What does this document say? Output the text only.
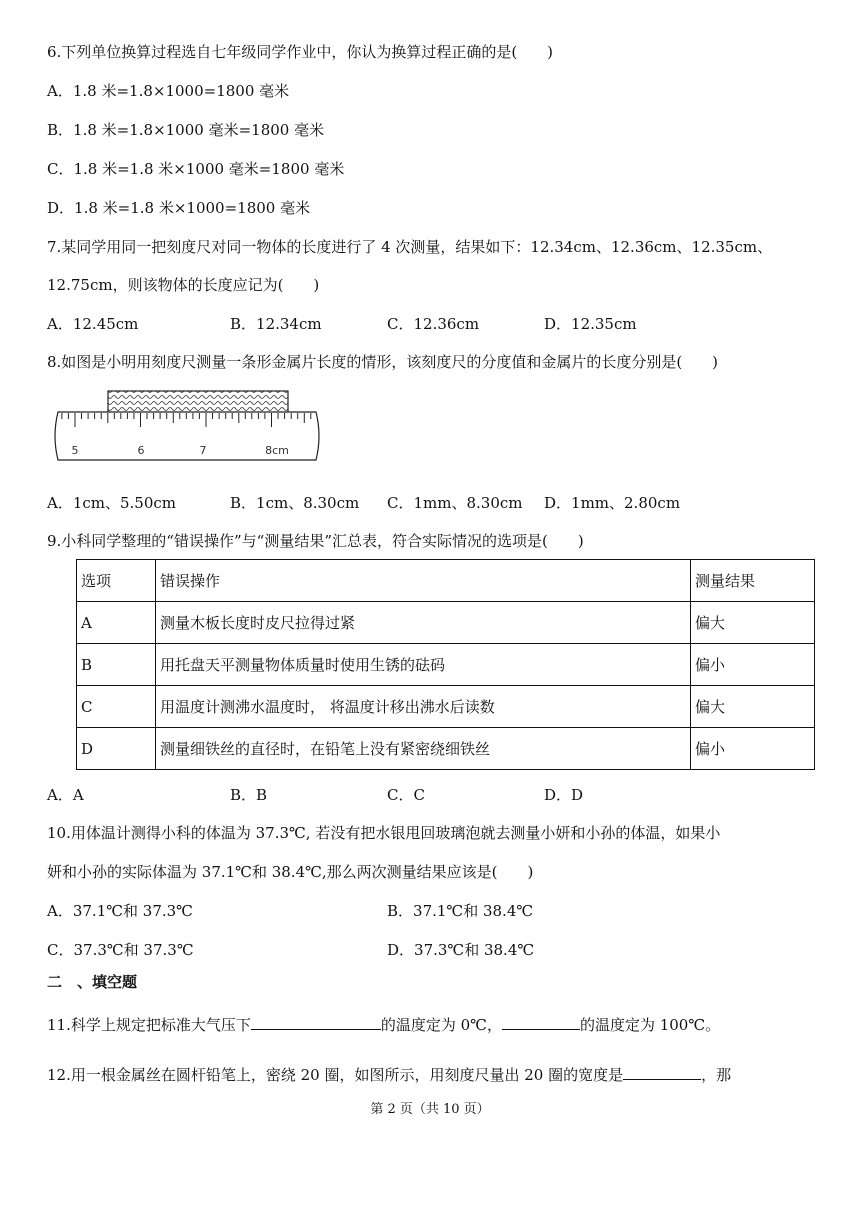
6.下列单位换算过程选自七年级同学作业中，你认为换算过程正确的是(　　)
A．1.8 米=1.8×1000=1800 毫米
B．1.8 米=1.8×1000 毫米=1800 毫米
C．1.8 米=1.8 米×1000 毫米=1800 毫米
D．1.8 米=1.8 米×1000=1800 毫米
7.某同学用同一把刻度尺对同一物体的长度进行了 4 次测量，结果如下：12.34cm、12.36cm、12.35cm、
12.75cm，则该物体的长度应记为(　　)
A．12.45cm	B．12.34cm	C．12.36cm	D．12.35cm
8.如图是小明用刻度尺测量一条形金属片长度的情形，该刻度尺的分度值和金属片的长度分别是(　　)
5	6	7	8cm
A．1cm、5.50cm	B．1cm、8.30cm C．1mm、8.30cm D．1mm、2.80cm
9.小科同学整理的“错误操作”与“测量结果”汇总表，符合实际情况的选项是(　　)
选项	错误操作	测量结果
A	测量木板长度时皮尺拉得过紧	偏大
B	用托盘天平测量物体质量时使用生锈的砝码	偏小
C	用温度计测沸水温度时， 将温度计移出沸水后读数	偏大
D	测量细铁丝的直径时，在铅笔上没有紧密绕细铁丝	偏小
A．A	B．B	C．C	D．D
10.用体温计测得小科的体温为 37.3℃, 若没有把水银甩回玻璃泡就去测量小妍和小孙的体温，如果小
妍和小孙的实际体温为 37.1℃和 38.4℃,那么两次测量结果应该是(　　)
A．37.1℃和 37.3℃	B．37.1℃和 38.4℃
C．37.3℃和 37.3℃	D．37.3℃和 38.4℃
二　、填空题
11.科学上规定把标准大气压下	的温度定为 0℃，	的温度定为 100℃。
12.用一根金属丝在圆杆铅笔上，密绕 20 圈，如图所示，用刻度尺量出 20 圈的宽度是	，那
第 2 页（共 10 页）
